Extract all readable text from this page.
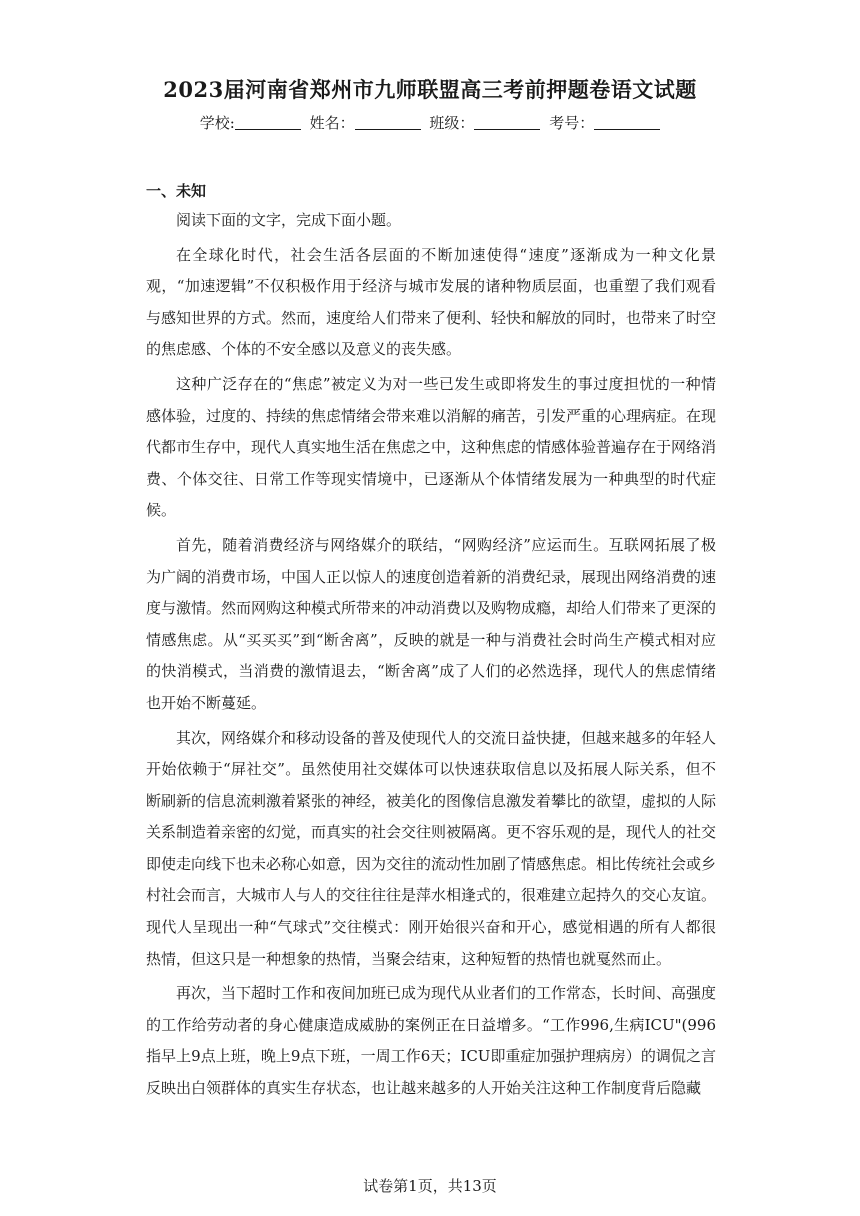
2023届河南省郑州市九师联盟高三考前押题卷语文试题
学校:	姓名：	班级：	考号：
一、未知

阅读下面的文字，完成下面小题。

在全球化时代，社会生活各层面的不断加速使得“速度”逐渐成为一种文化景观，“加速逻辑”不仅积极作用于经济与城市发展的诸种物质层面，也重塑了我们观看与感知世界的方式。然而，速度给人们带来了便利、轻快和解放的同时，也带来了时空的焦虑感、个体的不安全感以及意义的丧失感。

这种广泛存在的“焦虑”被定义为对一些已发生或即将发生的事过度担忧的一种情感体验，过度的、持续的焦虑情绪会带来难以消解的痛苦，引发严重的心理病症。在现代都市生存中，现代人真实地生活在焦虑之中，这种焦虑的情感体验普遍存在于网络消费、个体交往、日常工作等现实情境中，已逐渐从个体情绪发展为一种典型的时代症候。

首先，随着消费经济与网络媒介的联结，“网购经济”应运而生。互联网拓展了极为广阔的消费市场，中国人正以惊人的速度创造着新的消费纪录，展现出网络消费的速度与激情。然而网购这种模式所带来的冲动消费以及购物成瘾，却给人们带来了更深的情感焦虑。从“买买买”到“断舍离”，反映的就是一种与消费社会时尚生产模式相对应的快消模式，当消费的激情退去，“断舍离”成了人们的必然选择，现代人的焦虑情绪也开始不断蔓延。

其次，网络媒介和移动设备的普及使现代人的交流日益快捷，但越来越多的年轻人开始依赖于“屏社交”。虽然使用社交媒体可以快速获取信息以及拓展人际关系，但不断刷新的信息流刺激着紧张的神经，被美化的图像信息激发着攀比的欲望，虚拟的人际关系制造着亲密的幻觉，而真实的社会交往则被隔离。更不容乐观的是，现代人的社交即使走向线下也未必称心如意，因为交往的流动性加剧了情感焦虑。相比传统社会或乡村社会而言，大城市人与人的交往往往是萍水相逢式的，很难建立起持久的交心友谊。现代人呈现出一种“气球式”交往模式：刚开始很兴奋和开心，感觉相遇的所有人都很热情，但这只是一种想象的热情，当聚会结束，这种短暂的热情也就戛然而止。

再次，当下超时工作和夜间加班已成为现代从业者们的工作常态，长时间、高强度的工作给劳动者的身心健康造成威胁的案例正在日益增多。“工作996,生病ICU"(996指早上9点上班，晚上9点下班，一周工作6天；ICU即重症加强护理病房）的调侃之言反映出白领群体的真实生存状态，也让越来越多的人开始关注这种工作制度背后隐藏

试卷第1页，共13页
